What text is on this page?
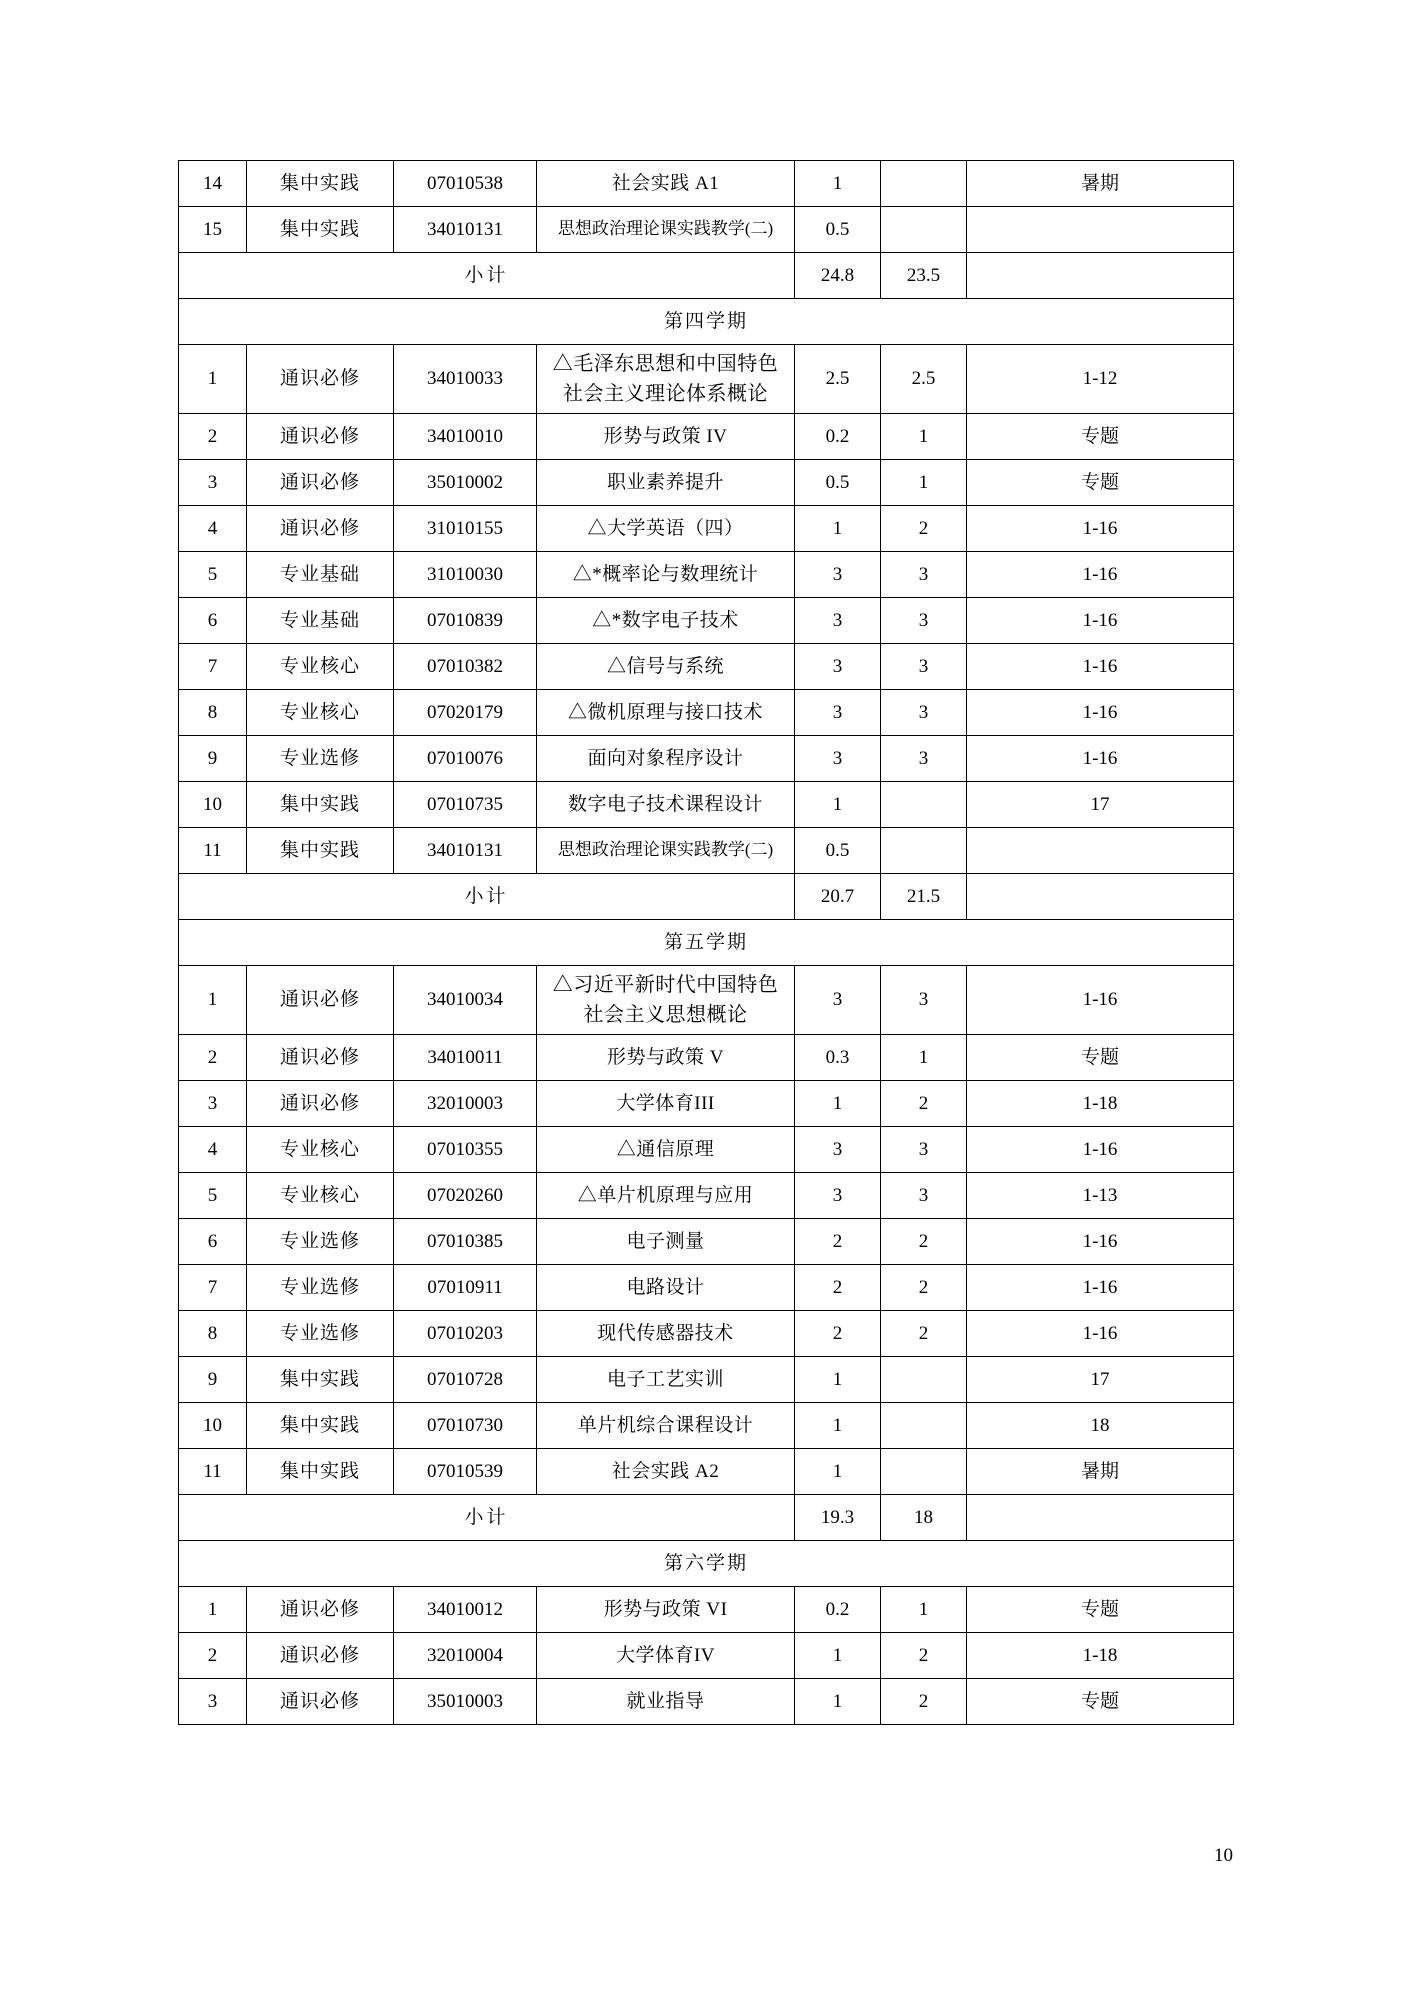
14	集中实践	07010538	社会实践 A1	1		暑期
15	集中实践	34010131	思想政治理论课实践教学(二)	0.5		
小计				24.8	23.5	
第四学期						
1	通识必修	34010033	△毛泽东思想和中国特色
社会主义理论体系概论	2.5	2.5	1-12
2	通识必修	34010010	形势与政策 IV	0.2	1	专题
3	通识必修	35010002	职业素养提升	0.5	1	专题
4	通识必修	31010155	△大学英语（四）	1	2	1-16
5	专业基础	31010030	△*概率论与数理统计	3	3	1-16
6	专业基础	07010839	△*数字电子技术	3	3	1-16
7	专业核心	07010382	△信号与系统	3	3	1-16
8	专业核心	07020179	△微机原理与接口技术	3	3	1-16
9	专业选修	07010076	面向对象程序设计	3	3	1-16
10	集中实践	07010735	数字电子技术课程设计	1		17
11	集中实践	34010131	思想政治理论课实践教学(二)	0.5		
小计				20.7	21.5	
第五学期						
1	通识必修	34010034	△习近平新时代中国特色
社会主义思想概论	3	3	1-16
2	通识必修	34010011	形势与政策 V	0.3	1	专题
3	通识必修	32010003	大学体育III	1	2	1-18
4	专业核心	07010355	△通信原理	3	3	1-16
5	专业核心	07020260	△单片机原理与应用	3	3	1-13
6	专业选修	07010385	电子测量	2	2	1-16
7	专业选修	07010911	电路设计	2	2	1-16
8	专业选修	07010203	现代传感器技术	2	2	1-16
9	集中实践	07010728	电子工艺实训	1		17
10	集中实践	07010730	单片机综合课程设计	1		18
11	集中实践	07010539	社会实践 A2	1		暑期
小计				19.3	18	
第六学期						
1	通识必修	34010012	形势与政策 VI	0.2	1	专题
2	通识必修	32010004	大学体育IV	1	2	1-18
3	通识必修	35010003	就业指导	1	2	专题
10
